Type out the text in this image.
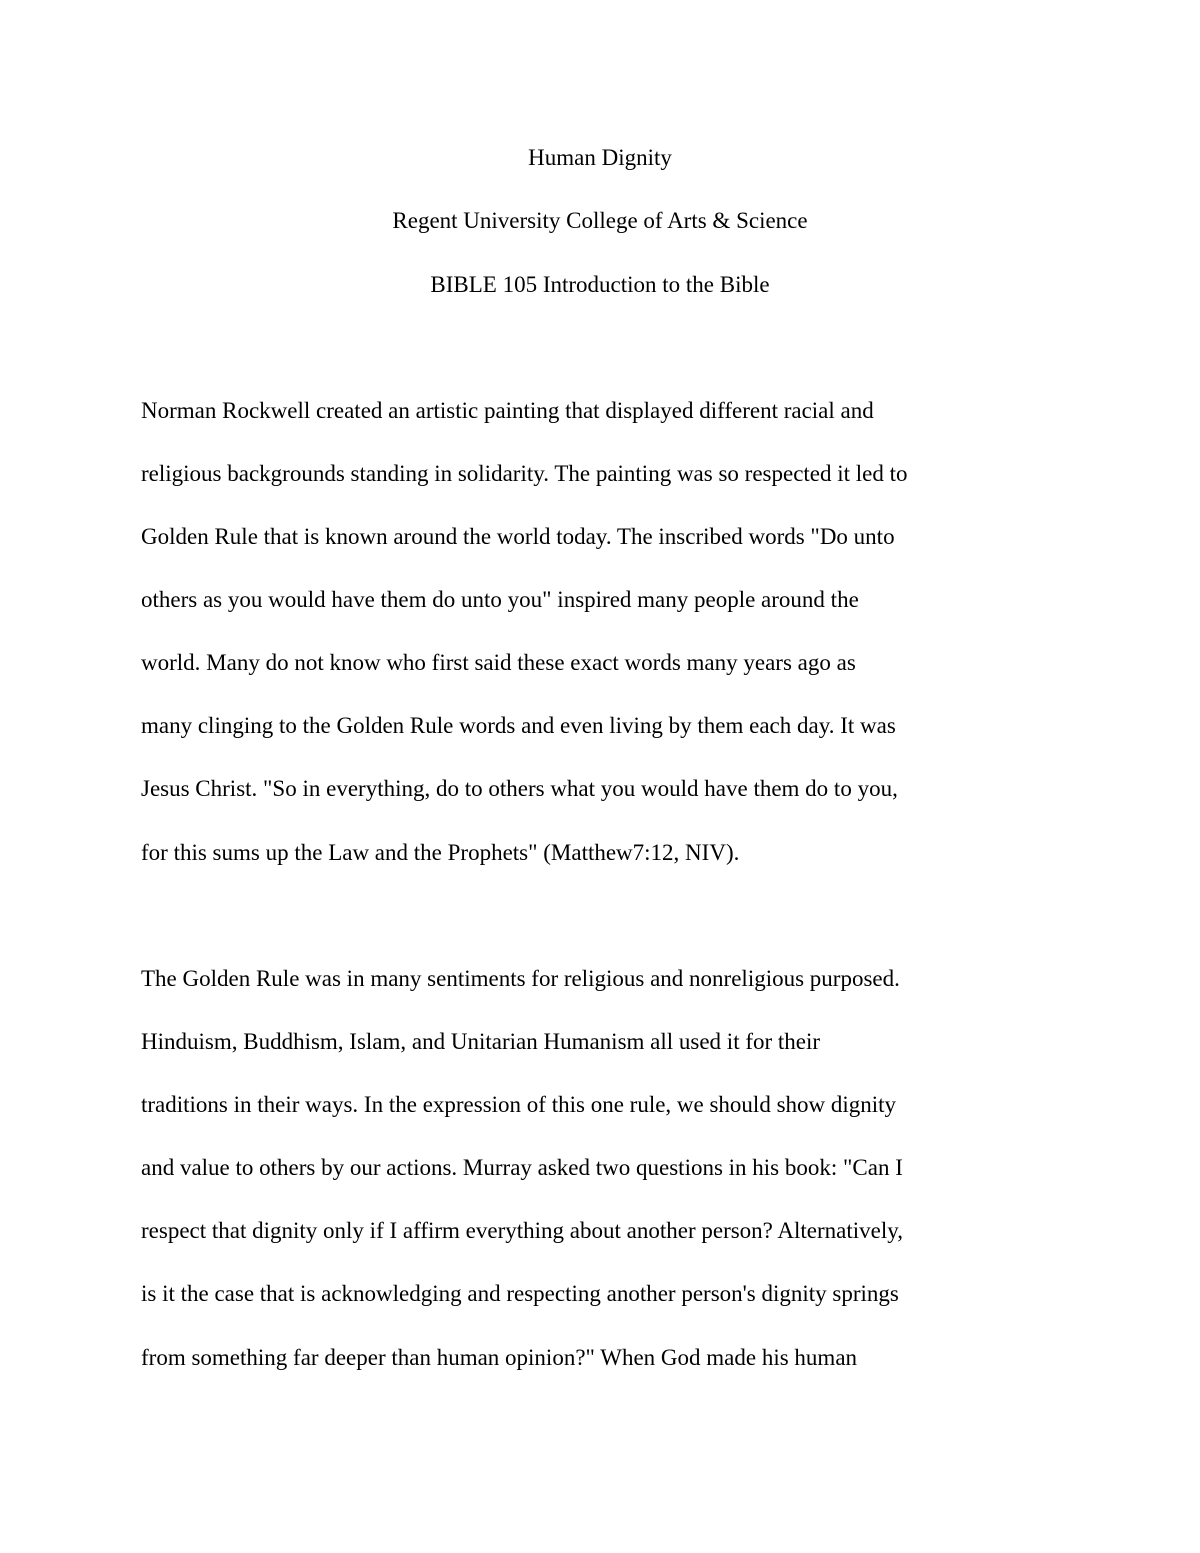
Human Dignity

Regent University College of Arts & Science

BIBLE 105 Introduction to the Bible

Norman Rockwell created an artistic painting that displayed different racial and

religious backgrounds standing in solidarity. The painting was so respected it led to

Golden Rule that is known around the world today. The inscribed words "Do unto

others as you would have them do unto you" inspired many people around the

world. Many do not know who first said these exact words many years ago as

many clinging to the Golden Rule words and even living by them each day. It was

Jesus Christ. "So in everything, do to others what you would have them do to you,

for this sums up the Law and the Prophets" (Matthew7:12, NIV).

The Golden Rule was in many sentiments for religious and nonreligious purposed.

Hinduism, Buddhism, Islam, and Unitarian Humanism all used it for their

traditions in their ways. In the expression of this one rule, we should show dignity

and value to others by our actions. Murray asked two questions in his book: "Can I

respect that dignity only if I affirm everything about another person? Alternatively,

is it the case that is acknowledging and respecting another person's dignity springs

from something far deeper than human opinion?" When God made his human
